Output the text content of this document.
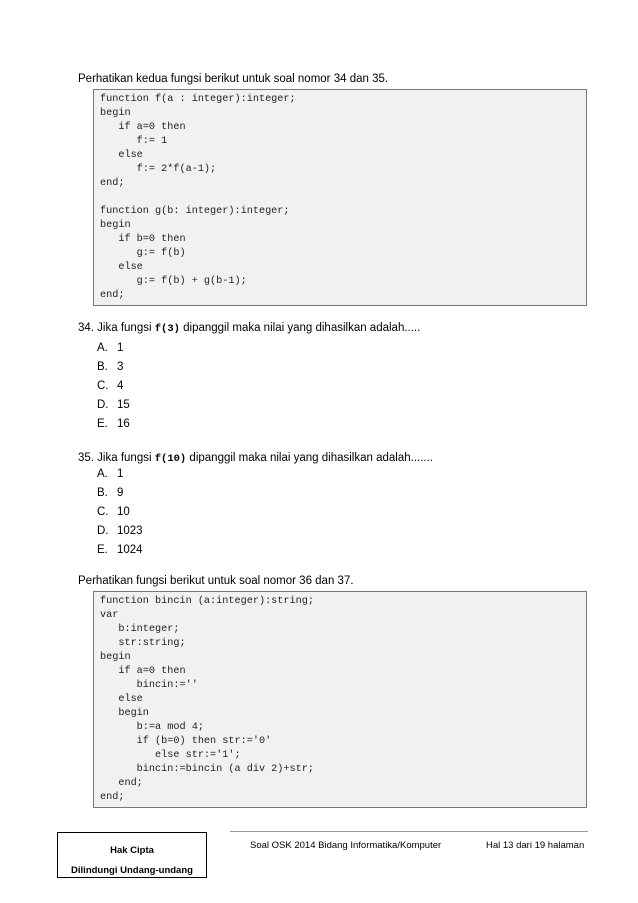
Perhatikan kedua fungsi berikut untuk soal nomor 34 dan 35.
function f(a : integer):integer;
begin
if a=0 then
f:= 1
else
f:= 2*f(a-1);
end;
function g(b: integer):integer;
begin
if b=0 then
g:= f(b)
else
g:= f(b) + g(b-1);
end;
34. Jika fungsi f(3) dipanggil maka nilai yang dihasilkan adalah.....
A. 1
B. 3
C. 4
D. 15
E. 16
35. Jika fungsi f(10) dipanggil maka nilai yang dihasilkan adalah.......
A. 1
B. 9
C. 10
D. 1023
E. 1024
Perhatikan fungsi berikut untuk soal nomor 36 dan 37.
function bincin (a:integer):string;
var
b:integer;
str:string;
begin
if a=0 then
bincin:=''
else
begin
b:=a mod 4;
if (b=0) then str:='0'
else str:='1';
bincin:=bincin (a div 2)+str;
end;
end;
Hak Cipta
Dilindungi Undang-undang
Soal OSK 2014 Bidang Informatika/Komputer	Hal 13 dari 19 halaman
